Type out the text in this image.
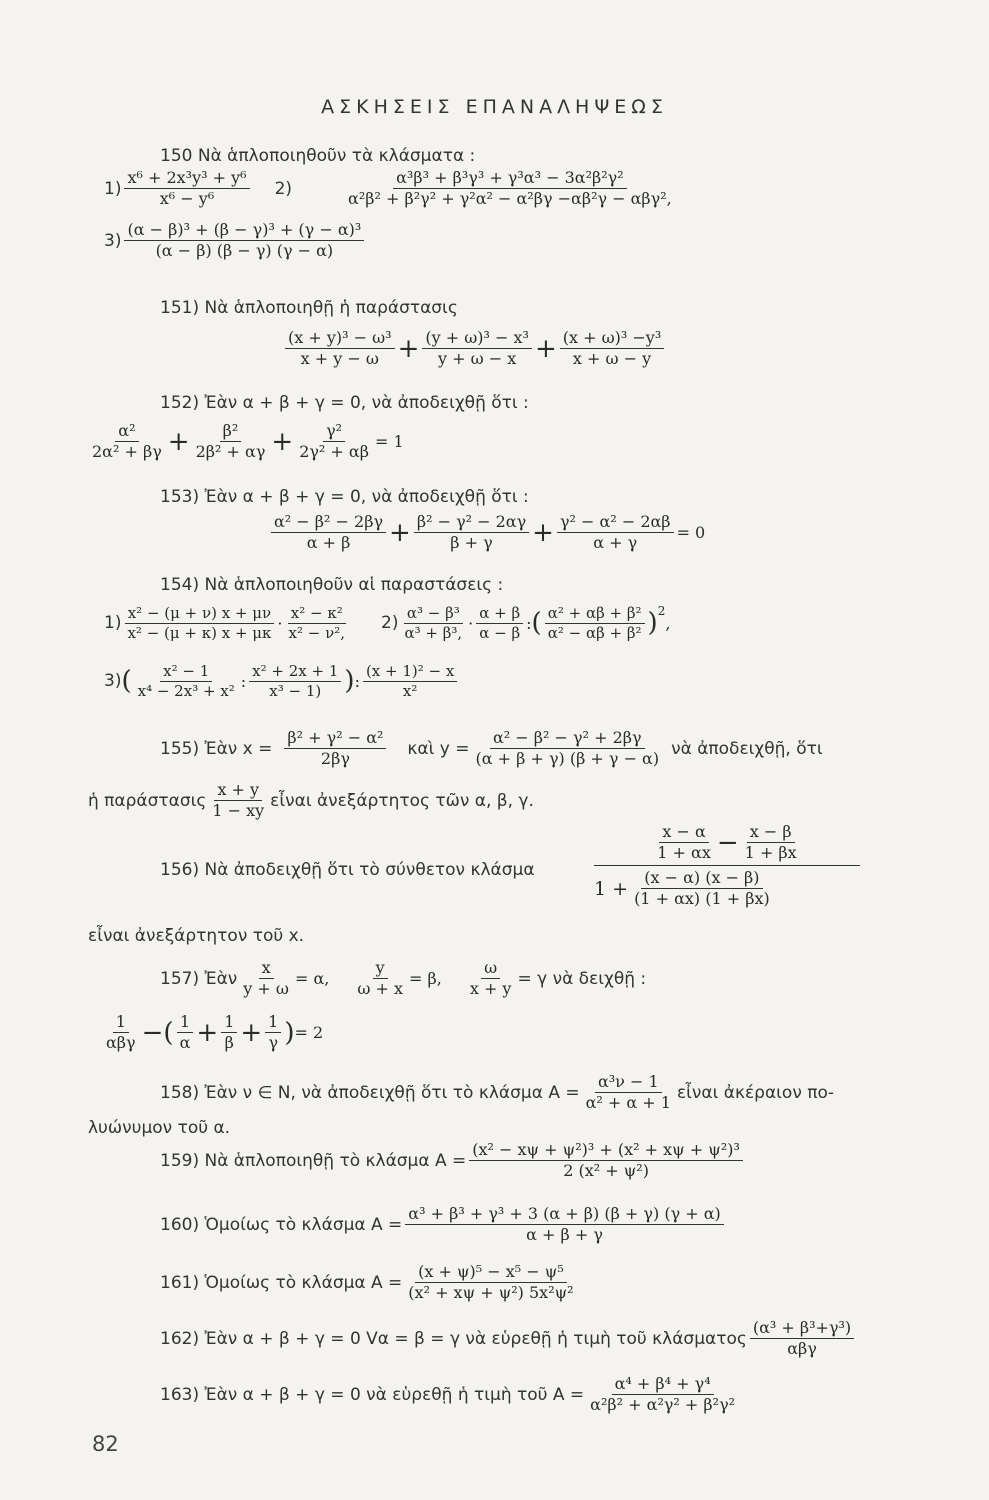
ΑΣΚΗΣΕΙΣ ΕΠΑΝΑΛΗΨΕΩΣ
150 Νὰ ἁπλοποιηθοῦν τὰ κλάσματα :
$1) \frac{\text{x⁶ + 2x³y³ + y⁶}}{\text{x⁶ − y⁶}} 2$)	$\frac{\text{α³β³ + β³γ³ + γ³α³ − 3α²β²γ²}}{\text{α²β² + β²γ² + γ²α² − α²βγ −αβ²γ − αβγ²,}}$
$3) \frac{\text{(α − β)³ + (β − γ)³ + (γ − α)³}}{(\alpha - \beta) (\beta - \gamma) (\gamma - \alpha)}$
151) Νὰ ἁπλοποιηθῇ ἡ παράστασις
$\frac{\text{(x + y)³ − ω³}}{x + y - \omega} + \frac{\text{(y + ω)³ − x³}}{y + \omega - x} + \frac{\text{(x + ω)³ −y³}}{x + \omega - y}$
152) Ἐὰν α + β + γ = 0, νὰ ἀποδειχθῇ ὅτι :
$\frac{\text{α²}}{\text{2α² + βγ}} + \frac{\text{β²}}{\text{2β² + αγ}} + \frac{\text{γ²}}{\text{2γ² + αβ}} = 1$
153) Ἐὰν α + β + γ = 0, νὰ ἀποδειχθῇ ὅτι :
$\frac{\text{α² − β² − 2βγ}}{\alpha + \beta} + \frac{\text{β² − γ² − 2αγ}}{\beta + \gamma} + \frac{\text{γ² − α² − 2αβ}}{\alpha + \gamma} = 0$
154) Νὰ ἁπλοποιηθοῦν αἱ παραστάσεις :
$1) \frac{\text{x² − (μ + ν) x + μν}}{\text{x² − (μ + κ) x + μκ}} \cdot \frac{\text{x² − κ²}}{\text{x² − ν²,}} 2) \frac{\text{α³ − β³}}{\text{α³ + β³,}} \cdot \frac{\alpha + \beta}{\alpha - \beta}$ : ( $\frac{\text{α² + αβ + β²}}{\text{α² − αβ + β²}} )^2$
,
3) ( $\frac{\text{x² − 1}}{\text{x⁴ − 2x³ + x²}}$ : $\frac{\text{x² + 2x + 1}}{\text{x³ − 1)}}$ ) : $\frac{\text{(x + 1)² − x}}{\text{x²}}$
155) Ἐὰν $x = \frac{\text{β² + γ² − α²}}{2\beta\gamma}$ καὶ $y = \frac{\text{α² − β² − γ² + 2βγ}}{(\alpha + \beta + \gamma) (\beta + \gamma - \alpha)}$ νὰ ἀποδειχθῇ, ὅτι
ἡ παράστασις $\frac{x + y}{1 - xy}$ εἶναι ἀνεξάρτητος τῶν α, β, γ.
156) Νὰ ἀποδειχθῇ ὅτι τὸ σύνθετον κλάσμα
$\frac{x - \alpha}{1 + \alpha x} - \frac{x - \beta}{1 + \beta x}$
$1 + \frac{(x - \alpha) (x - \beta)}{(1 + \alpha x) (1 + \beta x)}$
εἶναι ἀνεξάρτητον τοῦ x.
157) Ἐὰν $\frac{x}{y + \omega} = \alpha$, $\frac{y}{\omega + x} = \beta$, $\frac{\omega}{x + y} = \gamma$ νὰ δειχθῇ :
$\frac{1}{\text{αβγ}}$ − ( $\frac{1}{\alpha} + \frac{1}{\beta} + \frac{1}{\gamma}$ ) = 2
158) Ἐὰν ν ∈ N, νὰ ἀποδειχθῇ ὅτι τὸ κλάσμα $A = \frac{\text{α³ν − 1}}{\text{α² + α + 1}}$ εἶναι ἀκέραιον πο-
λυώνυμον τοῦ α.
159) Νὰ ἁπλοποιηθῇ τὸ κλάσμα $A = \frac{\text{(x² − xψ + ψ²)³ + (x² + xψ + ψ²)³}}{\text{2 (x² + ψ²)}}$
160) Ὁμοίως τὸ κλάσμα $A = \frac{\text{α³ + β³ + γ³ + 3 (α + β) (β + γ) (γ + α)}}{\alpha + \beta + \gamma}$
161) Ὁμοίως τὸ κλάσμα $A = \frac{\text{(x + ψ)⁵ − x⁵ − ψ⁵}}{\text{(x² + xψ + ψ²) 5x²ψ²}}$
162) Ἐὰν α + β + γ = 0 Vα = β = γ νὰ εὑρεθῇ ἡ τιμὴ τοῦ κλάσματος $\frac{\text{(α³ + β³+γ³)}}{\text{αβγ}}$
163) Ἐὰν α + β + γ = 0 νὰ εὑρεθῇ ἡ τιμὴ τοῦ $A = \frac{\text{α⁴ + β⁴ + γ⁴}}{\text{α²β² + α²γ² + β²γ²}}$
82
